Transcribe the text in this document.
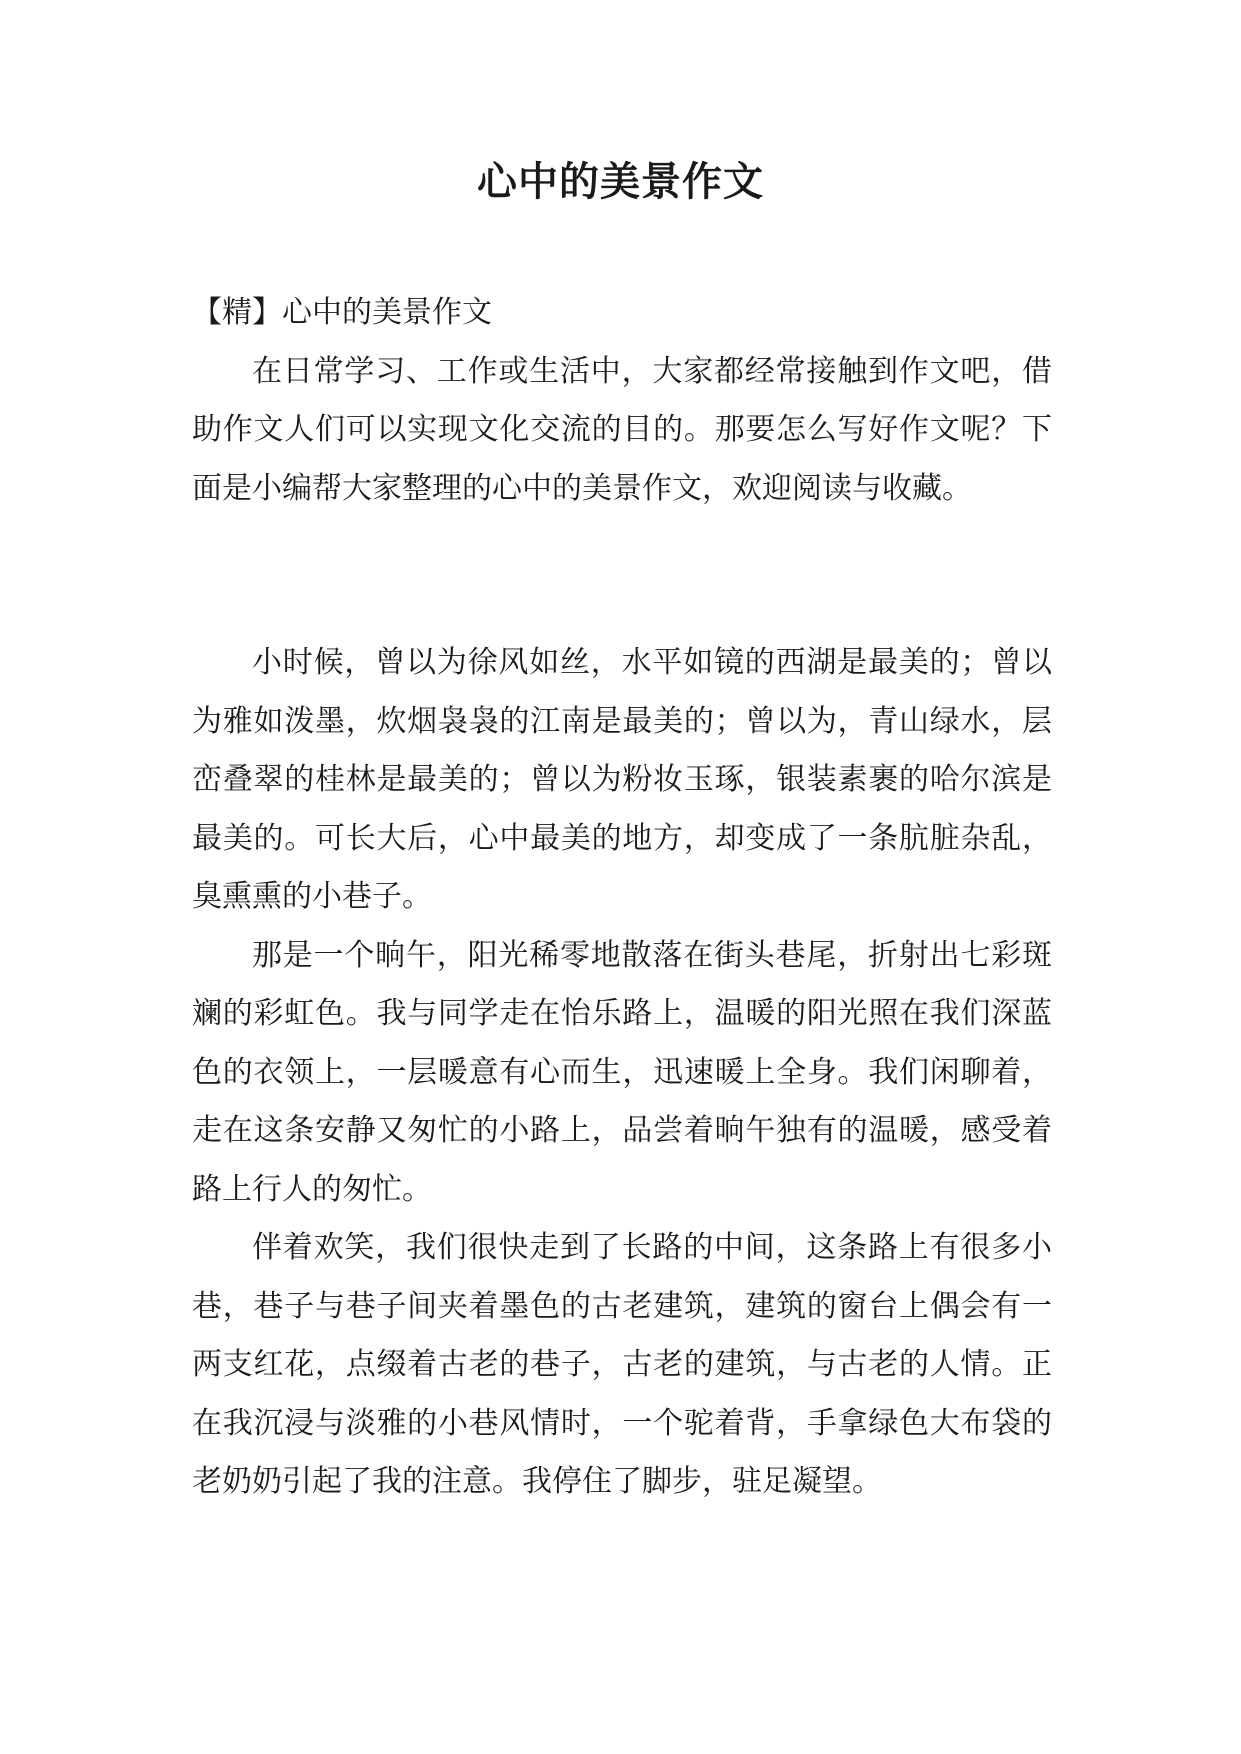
心中的美景作文

【精】心中的美景作文

在日常学习、工作或生活中，大家都经常接触到作文吧，借助作文人们可以实现文化交流的目的。那要怎么写好作文呢？下面是小编帮大家整理的心中的美景作文，欢迎阅读与收藏。

小时候，曾以为徐风如丝，水平如镜的西湖是最美的；曾以为雅如泼墨，炊烟袅袅的江南是最美的；曾以为，青山绿水，层峦叠翠的桂林是最美的；曾以为粉妆玉琢，银装素裹的哈尔滨是最美的。可长大后，心中最美的地方，却变成了一条肮脏杂乱，臭熏熏的小巷子。

那是一个晌午，阳光稀零地散落在街头巷尾，折射出七彩斑斓的彩虹色。我与同学走在怡乐路上，温暖的阳光照在我们深蓝色的衣领上，一层暖意有心而生，迅速暖上全身。我们闲聊着，走在这条安静又匆忙的小路上，品尝着晌午独有的温暖，感受着路上行人的匆忙。

伴着欢笑，我们很快走到了长路的中间，这条路上有很多小巷，巷子与巷子间夹着墨色的古老建筑，建筑的窗台上偶会有一两支红花，点缀着古老的巷子，古老的建筑，与古老的人情。正在我沉浸与淡雅的小巷风情时，一个驼着背，手拿绿色大布袋的老奶奶引起了我的注意。我停住了脚步，驻足凝望。
